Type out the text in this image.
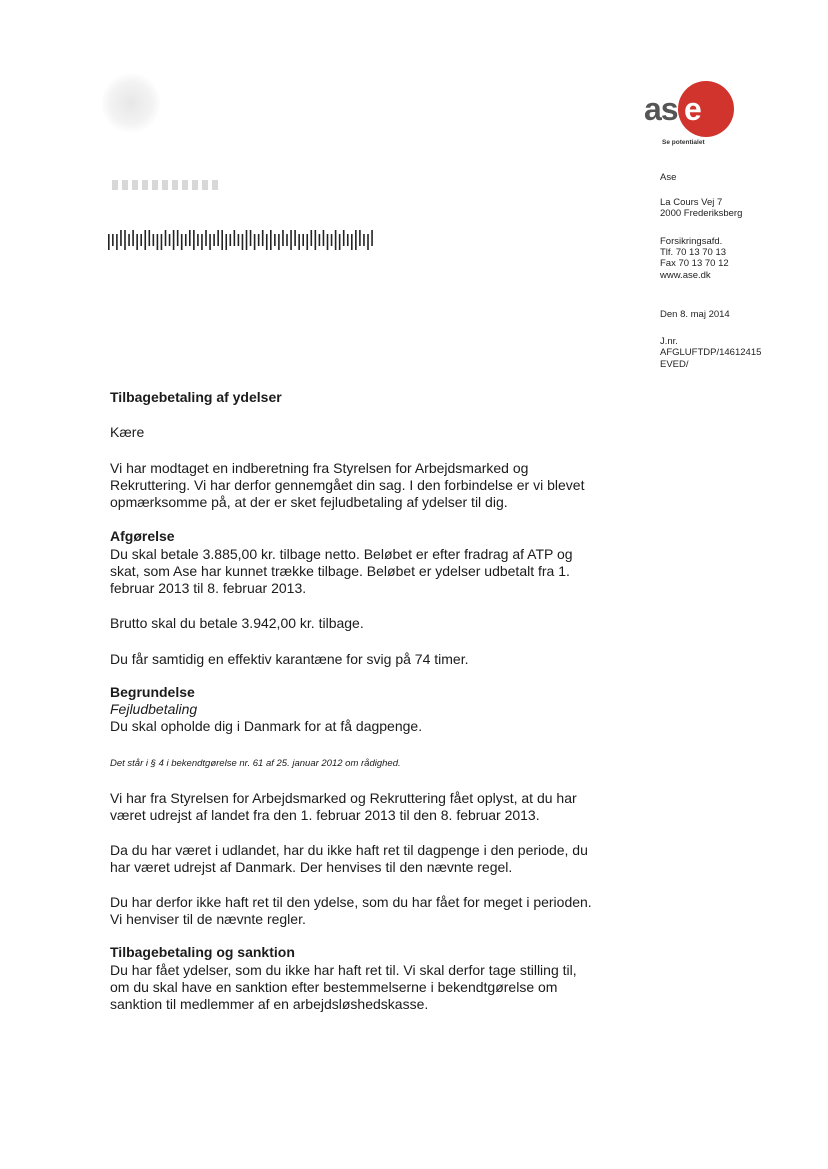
as e
Se potentialet
Ase
La Cours Vej 7
2000 Frederiksberg
Forsikringsafd.
Tlf. 70 13 70 13
Fax 70 13 70 12
www.ase.dk
Den 8. maj 2014
J.nr.
AFGLUFTDP/14612415
EVED/
Tilbagebetaling af ydelser
Kære
Vi har modtaget en indberetning fra Styrelsen for Arbejdsmarked og
Rekruttering. Vi har derfor gennemgået din sag. I den forbindelse er vi blevet
opmærksomme på, at der er sket fejludbetaling af ydelser til dig.
Afgørelse
Du skal betale 3.885,00 kr. tilbage netto. Beløbet er efter fradrag af ATP og
skat, som Ase har kunnet trække tilbage. Beløbet er ydelser udbetalt fra 1.
februar 2013 til 8. februar 2013.
Brutto skal du betale 3.942,00 kr. tilbage.
Du får samtidig en effektiv karantæne for svig på 74 timer.
Begrundelse
Fejludbetaling
Du skal opholde dig i Danmark for at få dagpenge.
Det står i § 4 i bekendtgørelse nr. 61 af 25. januar 2012 om rådighed.
Vi har fra Styrelsen for Arbejdsmarked og Rekruttering fået oplyst, at du har
været udrejst af landet fra den 1. februar 2013 til den 8. februar 2013.
Da du har været i udlandet, har du ikke haft ret til dagpenge i den periode, du
har været udrejst af Danmark. Der henvises til den nævnte regel.
Du har derfor ikke haft ret til den ydelse, som du har fået for meget i perioden.
Vi henviser til de nævnte regler.
Tilbagebetaling og sanktion
Du har fået ydelser, som du ikke har haft ret til. Vi skal derfor tage stilling til,
om du skal have en sanktion efter bestemmelserne i bekendtgørelse om
sanktion til medlemmer af en arbejdsløshedskasse.
